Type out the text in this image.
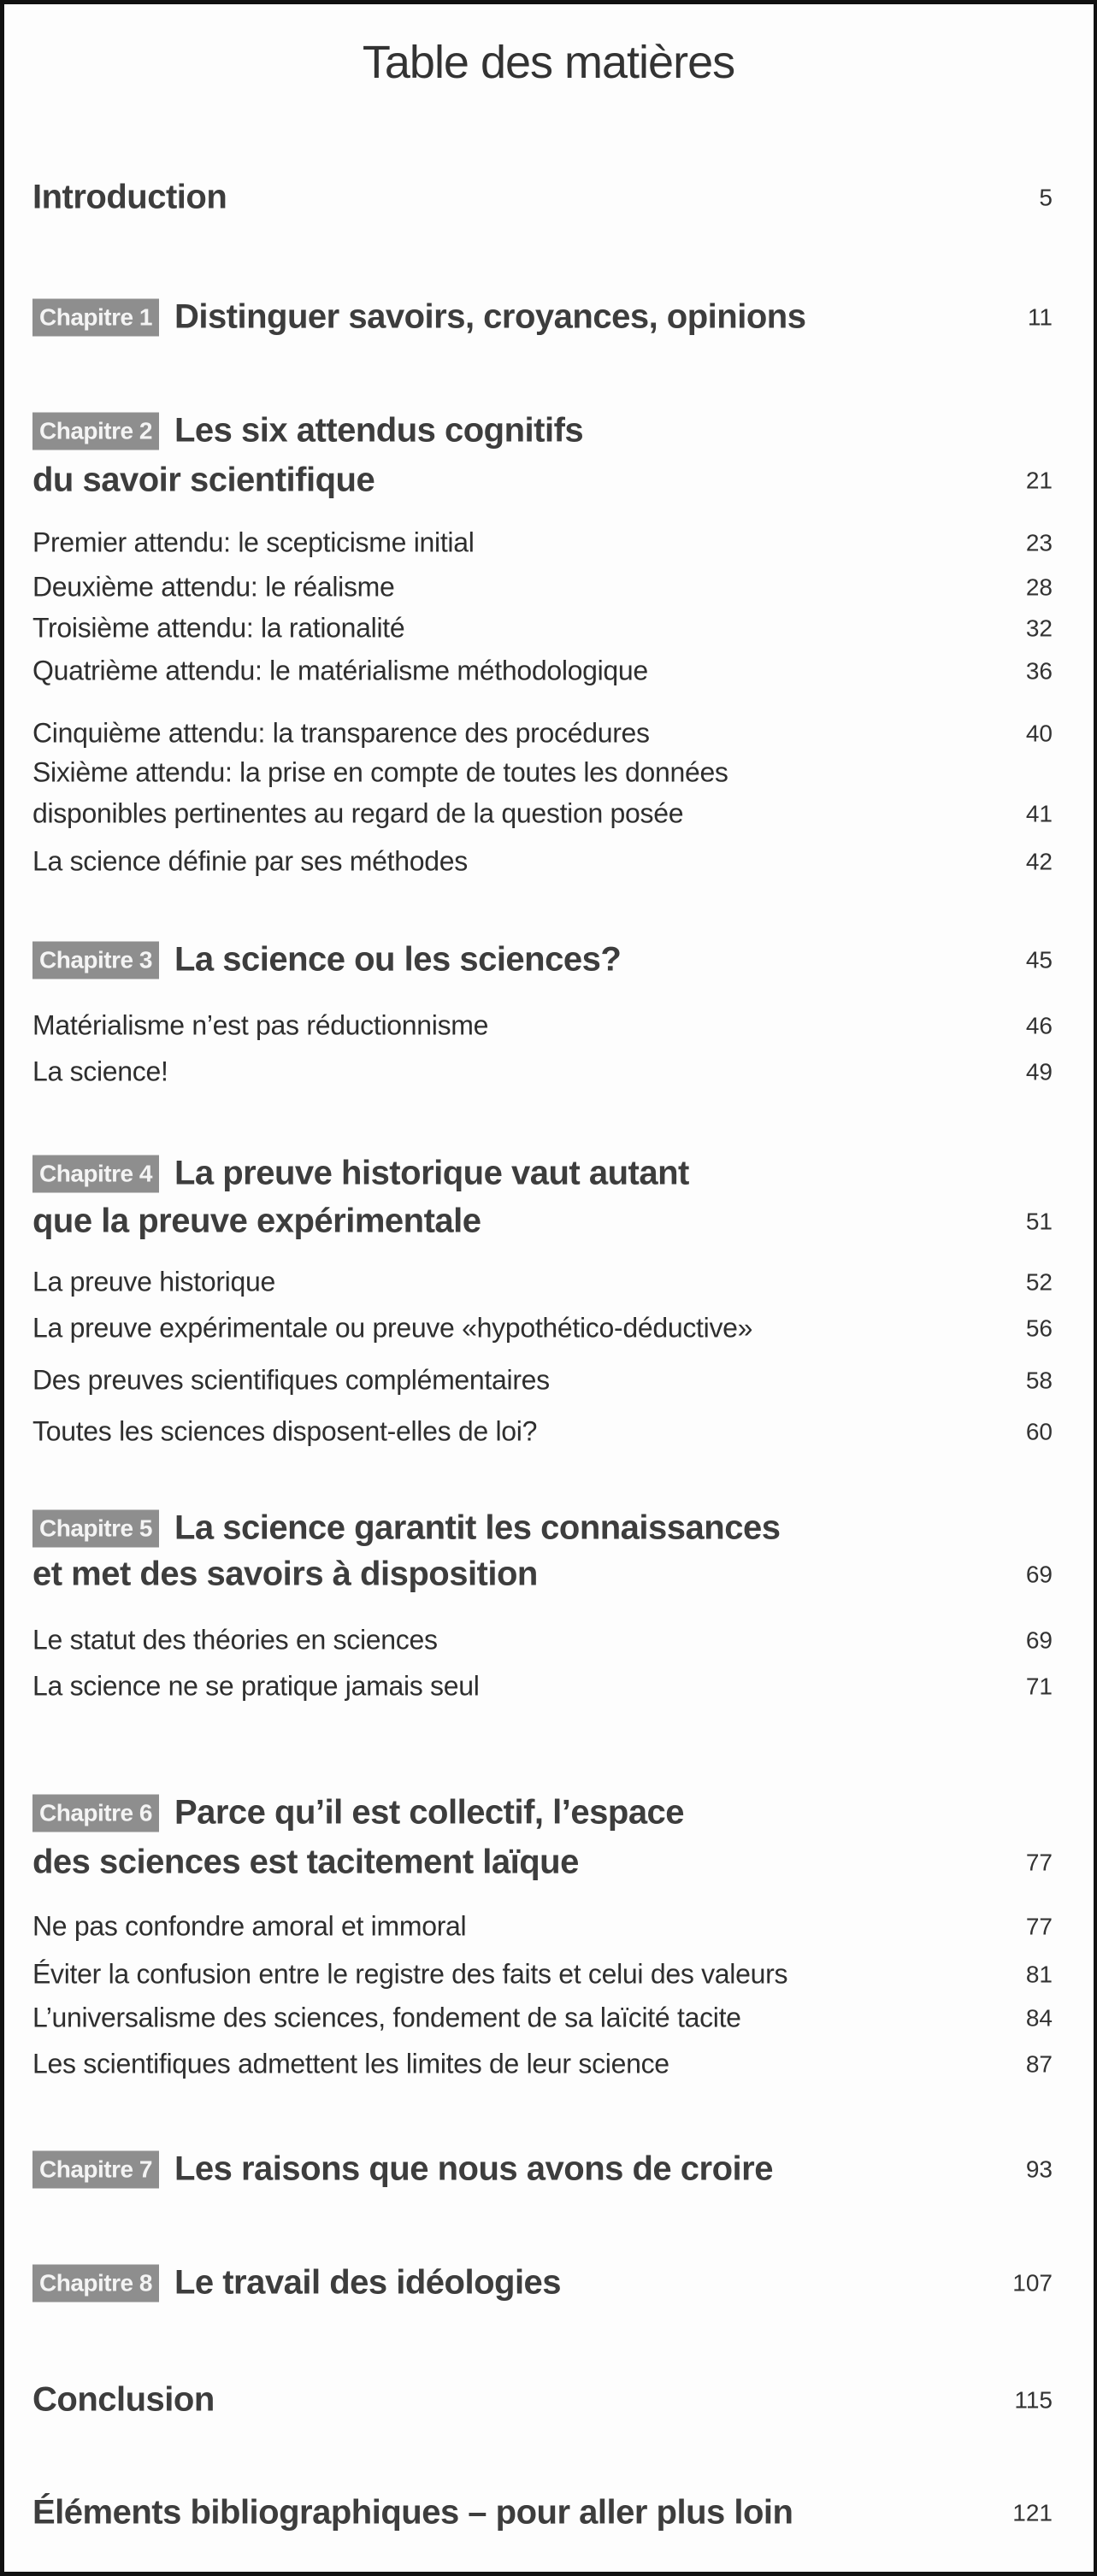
Table des matières
Introduction	5
Chapitre 1 Distinguer savoirs, croyances, opinions	11
Chapitre 2 Les six attendus cognitifs
du savoir scientifique	21
Premier attendu: le scepticisme initial	23
Deuxième attendu: le réalisme	28
Troisième attendu: la rationalité	32
Quatrième attendu: le matérialisme méthodologique	36
Cinquième attendu: la transparence des procédures	40
Sixième attendu: la prise en compte de toutes les données
disponibles pertinentes au regard de la question posée	41
La science définie par ses méthodes	42
Chapitre 3 La science ou les sciences?	45
Matérialisme n’est pas réductionnisme	46
La science!	49
Chapitre 4 La preuve historique vaut autant
que la preuve expérimentale	51
La preuve historique	52
La preuve expérimentale ou preuve «hypothético-déductive»	56
Des preuves scientifiques complémentaires	58
Toutes les sciences disposent-elles de loi?	60
Chapitre 5 La science garantit les connaissances
et met des savoirs à disposition	69
Le statut des théories en sciences	69
La science ne se pratique jamais seul	71
Chapitre 6 Parce qu’il est collectif, l’espace
des sciences est tacitement laïque	77
Ne pas confondre amoral et immoral	77
Éviter la confusion entre le registre des faits et celui des valeurs	81
L’universalisme des sciences, fondement de sa laïcité tacite	84
Les scientifiques admettent les limites de leur science	87
Chapitre 7 Les raisons que nous avons de croire	93
Chapitre 8 Le travail des idéologies	107
Conclusion	115
Éléments bibliographiques – pour aller plus loin	121
